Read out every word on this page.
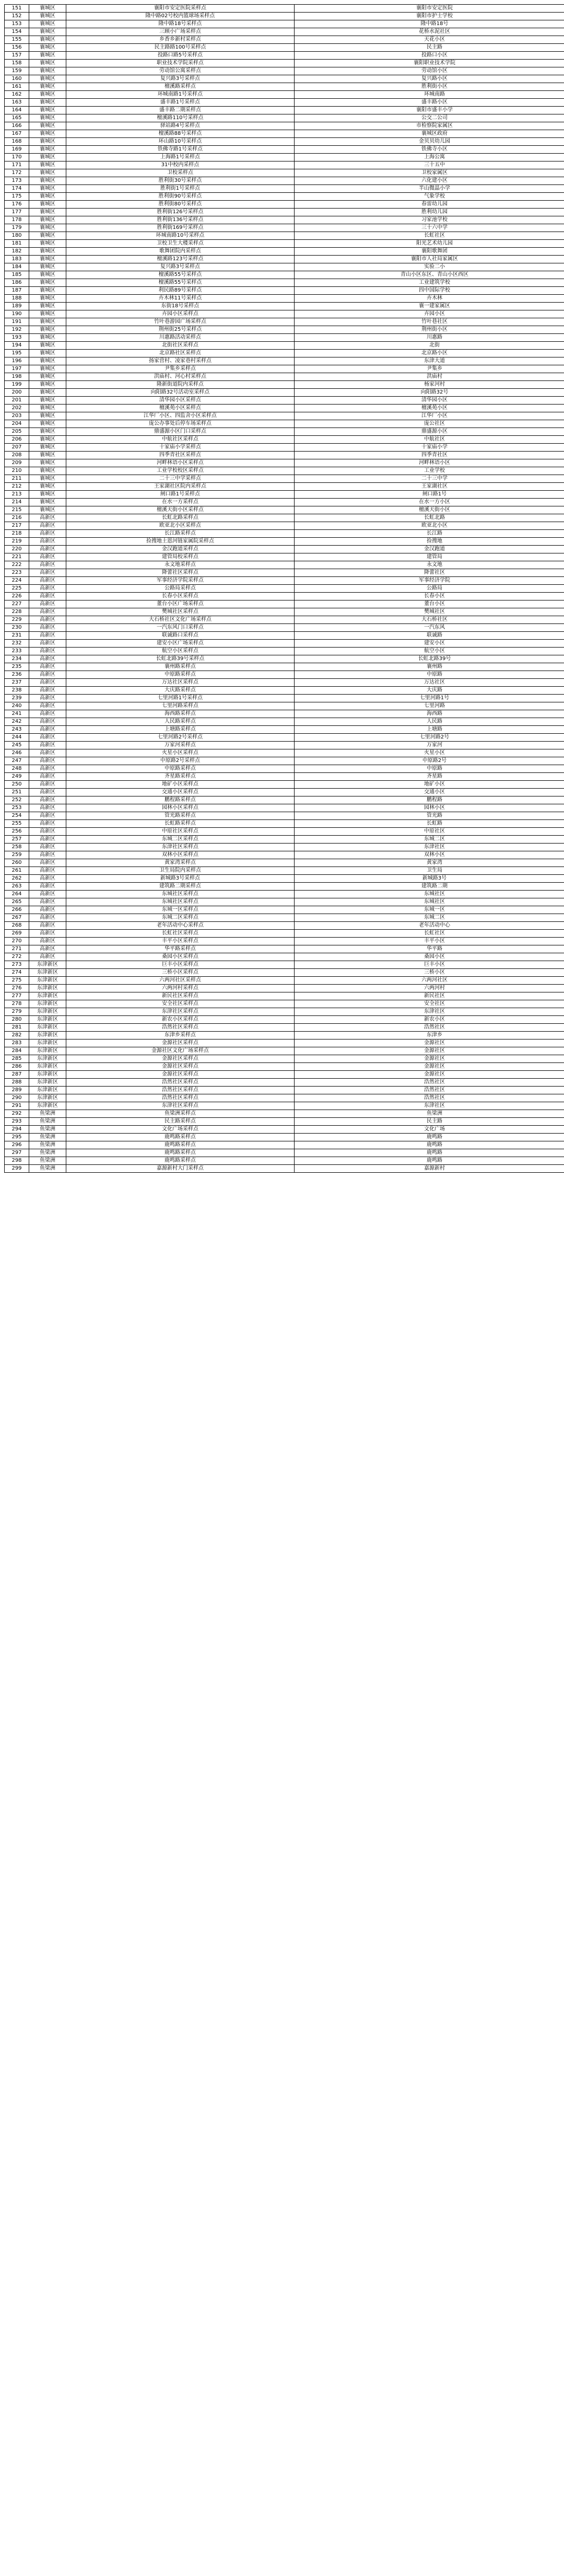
151	襄城区	襄阳市安定医院采样点	襄阳市安定医院
152	襄城区	隆中路02号校内篮球场采样点	襄阳市护士学校
153	襄城区	隆中路18号采样点	隆中路18号
154	襄城区	三顾小广场采样点	花桥水泥社区
155	襄城区	乡香乡新村采样点	天花小区
156	襄城区	民主路路100号采样点	民主路
157	襄城区	投路口路5号采样点	投路口小区
158	襄城区	职业技术学院采样点	襄阳职业技术学院
159	襄城区	劳动馆公寓采样点	劳动馆小区
160	襄城区	复兴路3号采样点	复兴路小区
161	襄城区	檀溪路采样点	胜利街小区
162	襄城区	环城南路1号采样点	环城南路
163	襄城区	盛丰路1号采样点	盛丰路小区
164	襄城区	盛丰路二期采样点	襄阳市盛丰小学
165	襄城区	檀溪路110号采样点	公交二公司
166	襄城区	驿站路4号采样点	市检察院家属区
167	襄城区	檀溪路88号采样点	襄城区政府
168	襄城区	环山路10号采样点	金贝贝幼儿园
169	襄城区	铁佛寺路1号采样点	铁佛寺小区
170	襄城区	上海路1号采样点	上海公寓
171	襄城区	31中校内采样点	三十五中
172	襄城区	卫校采样点	卫校家属区
173	襄城区	胜利街30号采样点	六化建小区
174	襄城区	胜利街1号采样点	半山微晶小学
175	襄城区	胜利街90号采样点	气象学校
176	襄城区	胜利街80号采样点	春雷幼儿园
177	襄城区	胜利街126号采样点	胜利幼儿园
178	襄城区	胜利街136号采样点	习家池学校
179	襄城区	胜利街169号采样点	三十六中学
180	襄城区	环城南路10号采样点	长虹社区
181	襄城区	卫校卫生大楼采样点	阳光艺术幼儿园
182	襄城区	歌舞团院内采样点	襄阳歌舞团
183	襄城区	檀溪路123号采样点	襄阳市人社局家属区
184	襄城区	复兴路3号采样点	实验二小
185	襄城区	檀溪路55号采样点	青山小区东区、青山小区西区
186	襄城区	檀溪路55号采样点	工业建筑学校
187	襄城区	利民路89号采样点	四中国际学校
188	襄城区	卉木林11号采样点	卉木林
189	襄城区	东街18号采样点	襄一建家属区
190	襄城区	卉园小区采样点	卉园小区
191	襄城区	竹叶巷游园广场采样点	竹叶巷社区
192	襄城区	荆州街25号采样点	荆州街小区
193	襄城区	川惠路活动采样点	川惠路
194	襄城区	北街社区采样点	北街
195	襄城区	北京路社区采样点	北京路小区
196	襄城区	扬家营村、凌家巷村采样点	东津大道
197	襄城区	尹集乡采样点	尹集乡
198	襄城区	洪庙村、河心村采样点	洪庙村
199	襄城区	隆新街道院内采样点	杨家河村
200	襄城区	向阳路32号活动室采样点	向阳路32号
201	襄城区	清华园小区采样点	清华园小区
202	襄城区	檀溪苑小区采样点	檀溪苑小区
203	襄城区	江华厂小区、四监舍小区采样点	江华厂小区
204	襄城区	庞公办事处后停车场采样点	庞公社区
205	襄城区	鼎盛源小区门口采样点	鼎盛源小区
206	襄城区	中航社区采样点	中航社区
207	襄城区	十家庙小学采样点	十家庙小学
208	襄城区	四季青社区采样点	四季青社区
209	襄城区	河畔林语小区采样点	河畔林语小区
210	襄城区	工业学校校区采样点	工业学校
211	襄城区	二十三中学采样点	二十三中学
212	襄城区	王家湖社区院内采样点	王家湖社区
213	襄城区	闸口路1号采样点	闸口路1号
214	襄城区	在水一方采样点	在水一方小区
215	襄城区	檀溪天街小区采样点	檀溪天街小区
216	高新区	长虹北路采样点	长虹北路
217	高新区	欧亚北小区采样点	欧亚北小区
218	高新区	长江路采样点	长江路
219	高新区	捡搜地土恩河链家属院采样点	捡搜地
220	高新区	金汉跑道采样点	金汉跑道
221	高新区	建管局校采样点	建管局
222	高新区	永文地采样点	永文地
223	高新区	降蕾社区采样点	降蕾社区
224	高新区	军事经济学院采样点	军事经济学院
225	高新区	公路局采样点	公路局
226	高新区	长春小区采样点	长春小区
227	高新区	董台小区广场采样点	董台小区
228	高新区	樊城社区采样点	樊城社区
229	高新区	大石桥社区文化广场采样点	大石桥社区
230	高新区	一汽东风门口采样点	一汽东风
231	高新区	联诚路口采样点	联诚路
232	高新区	建安小区广场采样点	建安小区
233	高新区	航空小区采样点	航空小区
234	高新区	长虹北路39号采样点	长虹北路39号
235	高新区	襄州路采样点	襄州路
236	高新区	中原路采样点	中原路
237	高新区	万达社区采样点	万达社区
238	高新区	大庆路采样点	大庆路
239	高新区	七里河路1号采样点	七里河路1号
240	高新区	七里河路采样点	七里河路
241	高新区	海西路采样点	海西路
242	高新区	人民路采样点	人民路
243	高新区	上塘路采样点	上塘路
244	高新区	七里河路2号采样点	七里河路2号
245	高新区	万家河采样点	万家河
246	高新区	火星小区采样点	火星小区
247	高新区	中原路2号采样点	中原路2号
248	高新区	中原路采样点	中原路
249	高新区	齐星路采样点	齐星路
250	高新区	地矿小区采样点	地矿小区
251	高新区	交通小区采样点	交通小区
252	高新区	鹏程路采样点	鹏程路
253	高新区	园林小区采样点	园林小区
254	高新区	管光路采样点	管光路
255	高新区	长虹路采样点	长虹路
256	高新区	中原社区采样点	中原社区
257	高新区	东城二区采样点	东城二区
258	高新区	东津社区采样点	东津社区
259	高新区	双林小区采样点	双林小区
260	高新区	黄家湾采样点	黄家湾
261	高新区	卫生局院内采样点	卫生局
262	高新区	新城路3号采样点	新城路3号
263	高新区	建筑路二期采样点	建筑路二期
264	高新区	东城社区采样点	东城社区
265	高新区	东城社区采样点	东城社区
266	高新区	东城一区采样点	东城一区
267	高新区	东城二区采样点	东城二区
268	高新区	老年活动中心采样点	老年活动中心
269	高新区	长虹社区采样点	长虹社区
270	高新区	丰平小区采样点	丰平小区
271	高新区	华平路采样点	华平路
272	高新区	桑园小区采样点	桑园小区
273	东津新区	巨丰小区采样点	巨丰小区
274	东津新区	三桥小区采样点	三桥小区
275	东津新区	六两河社区采样点	六两河社区
276	东津新区	六两河村采样点	六两河村
277	东津新区	新民社区采样点	新民社区
278	东津新区	安全社区采样点	安全社区
279	东津新区	东津社区采样点	东津社区
280	东津新区	新农小区采样点	新农小区
281	东津新区	浩然社区采样点	浩然社区
282	东津新区	东津乡采样点	东津乡
283	东津新区	金源社区采样点	金源社区
284	东津新区	金源社区文化广场采样点	金源社区
285	东津新区	金源社区采样点	金源社区
286	东津新区	金源社区采样点	金源社区
287	东津新区	金源社区采样点	金源社区
288	东津新区	浩然社区采样点	浩然社区
289	东津新区	浩然社区采样点	浩然社区
290	东津新区	浩然社区采样点	浩然社区
291	东津新区	东津社区采样点	东津社区
292	鱼梁洲	鱼梁洲采样点	鱼梁洲
293	鱼梁洲	民主路采样点	民主路
294	鱼梁洲	文化广场采样点	文化广场
295	鱼梁洲	鹿鸣路采样点	鹿鸣路
296	鱼梁洲	鹿鸣路采样点	鹿鸣路
297	鱼梁洲	鹿鸣路采样点	鹿鸣路
298	鱼梁洲	鹿鸣路采样点	鹿鸣路
299	鱼梁洲	嘉源新村大门采样点	嘉源新村
